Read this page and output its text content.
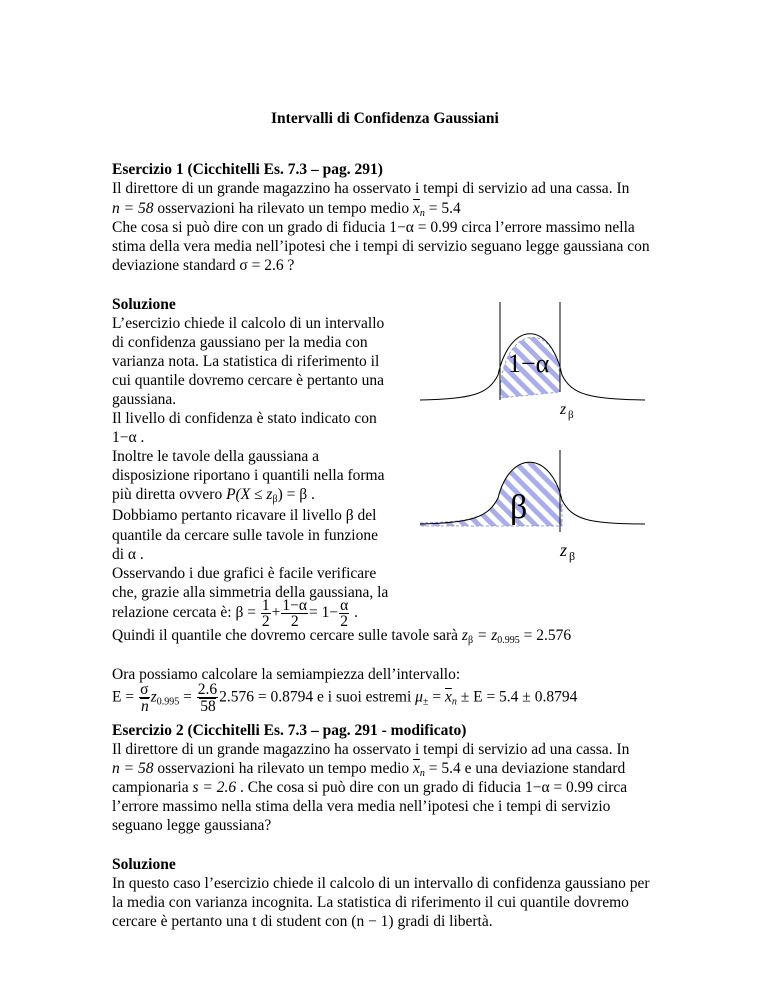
Intervalli di Confidenza Gaussiani
Esercizio 1 (Cicchitelli Es. 7.3 – pag. 291)
Il direttore di un grande magazzino ha osservato i tempi di servizio ad una cassa. In
n = 58 osservazioni ha rilevato un tempo medio $\overline{x}_n = 5.4$
Che cosa si può dire con un grado di fiducia 1−α = 0.99 circa l’errore massimo nella
stima della vera media nell’ipotesi che i tempi di servizio seguano legge gaussiana con
deviazione standard σ = 2.6 ?
Soluzione
L’esercizio chiede il calcolo di un intervallo
di confidenza gaussiano per la media con
varianza nota. La statistica di riferimento il
cui quantile dovremo cercare è pertanto una
gaussiana.
Il livello di confidenza è stato indicato con
1−α .
Inoltre le tavole della gaussiana a
disposizione riportano i quantili nella forma
più diretta ovvero $P(X \le z_\beta) = \beta$ .
Dobbiamo pertanto ricavare il livello β del
quantile da cercare sulle tavole in funzione
di α .
Osservando i due grafici è facile verificare
che, grazie alla simmetria della gaussiana, la
relazione cercata è: $\beta = \frac{1}{2} + \frac{1-\alpha}{2} = 1- \frac{\alpha}{2}$ .
Quindi il quantile che dovremo cercare sulle tavole sarà $z_\beta = z_{0.995} = 2.576$
Ora possiamo calcolare la semiampiezza dell’intervallo:
$E = \frac{\sigma}{n} z_{0.995} = \frac{2.6}{58} 2.576 = 0.8794$ e i suoi estremi $\mu_\pm = \overline{x}_n \pm E = 5.4 \pm 0.8794$
1−α
z β
β
z β
Esercizio 2 (Cicchitelli Es. 7.3 – pag. 291 - modificato)
Il direttore di un grande magazzino ha osservato i tempi di servizio ad una cassa. In
n = 58 osservazioni ha rilevato un tempo medio $\overline{x}_n = 5.4$ e una deviazione standard
campionaria s = 2.6 . Che cosa si può dire con un grado di fiducia 1−α = 0.99 circa
l’errore massimo nella stima della vera media nell’ipotesi che i tempi di servizio
seguano legge gaussiana?
Soluzione
In questo caso l’esercizio chiede il calcolo di un intervallo di confidenza gaussiano per
la media con varianza incognita. La statistica di riferimento il cui quantile dovremo
cercare è pertanto una t di student con (n − 1) gradi di libertà.
